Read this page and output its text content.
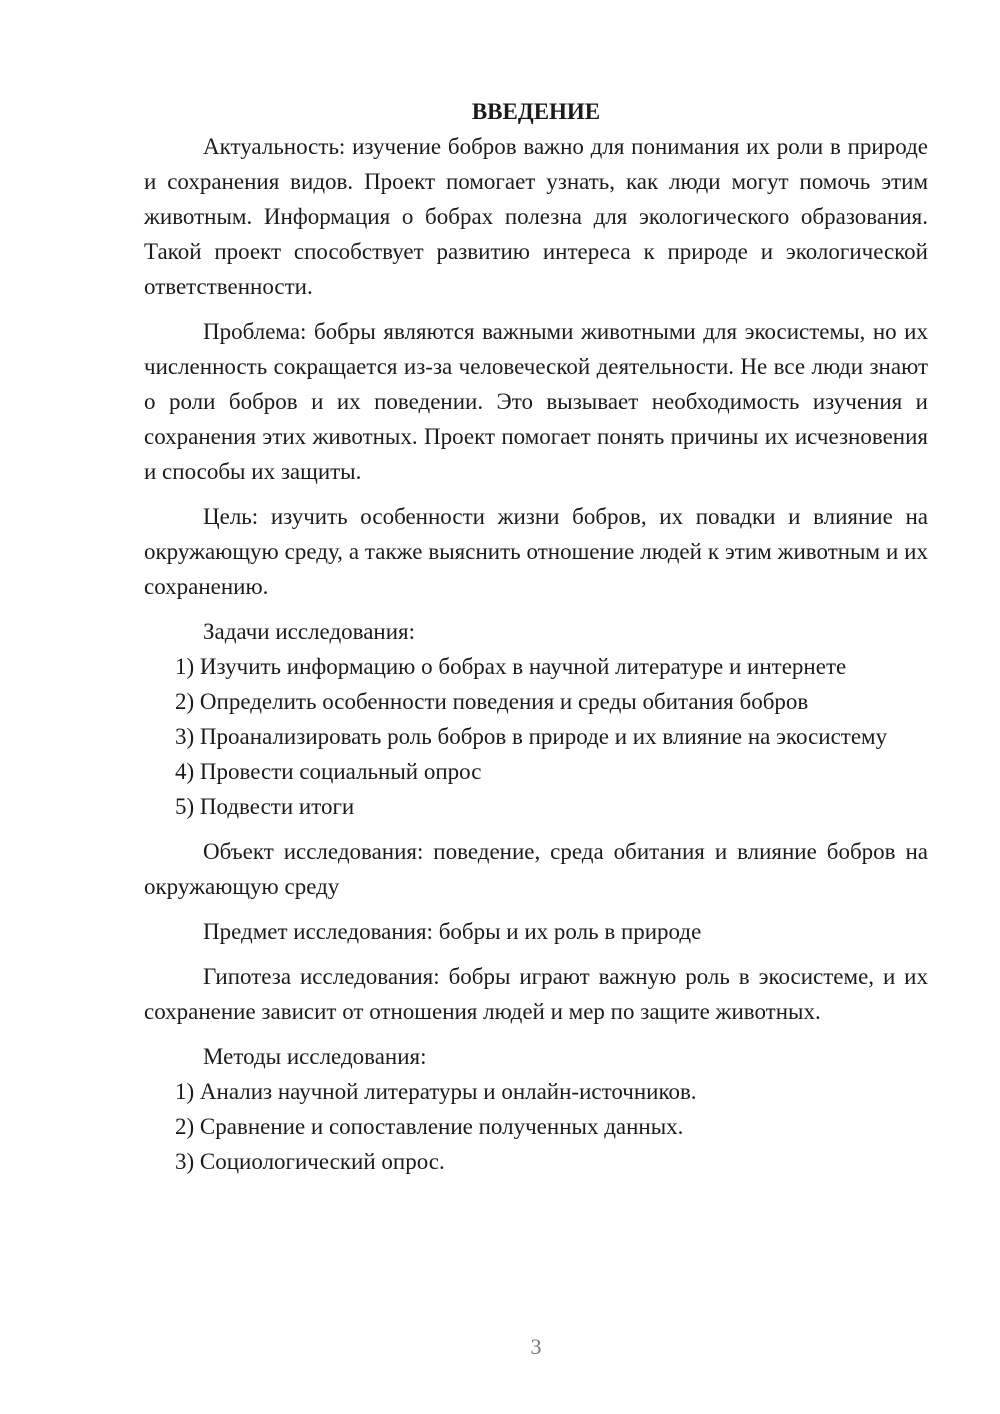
ВВЕДЕНИЕ

Актуальность: изучение бобров важно для понимания их роли в природе и сохранения видов. Проект помогает узнать, как люди могут помочь этим животным. Информация о бобрах полезна для экологического образования. Такой проект способствует развитию интереса к природе и экологической ответственности.

Проблема: бобры являются важными животными для экосистемы, но их численность сокращается из-за человеческой деятельности. Не все люди знают о роли бобров и их поведении. Это вызывает необходимость изучения и сохранения этих животных. Проект помогает понять причины их исчезновения и способы их защиты.

Цель: изучить особенности жизни бобров, их повадки и влияние на окружающую среду, а также выяснить отношение людей к этим животным и их сохранению.

Задачи исследования:

1) Изучить информацию о бобрах в научной литературе и интернете

2) Определить особенности поведения и среды обитания бобров

3) Проанализировать роль бобров в природе и их влияние на экосистему

4) Провести социальный опрос

5) Подвести итоги

Объект исследования: поведение, среда обитания и влияние бобров на окружающую среду

Предмет исследования: бобры и их роль в природе

Гипотеза исследования: бобры играют важную роль в экосистеме, и их сохранение зависит от отношения людей и мер по защите животных.

Методы исследования:

1) Анализ научной литературы и онлайн-источников.

2) Сравнение и сопоставление полученных данных.

3) Социологический опрос.

3
